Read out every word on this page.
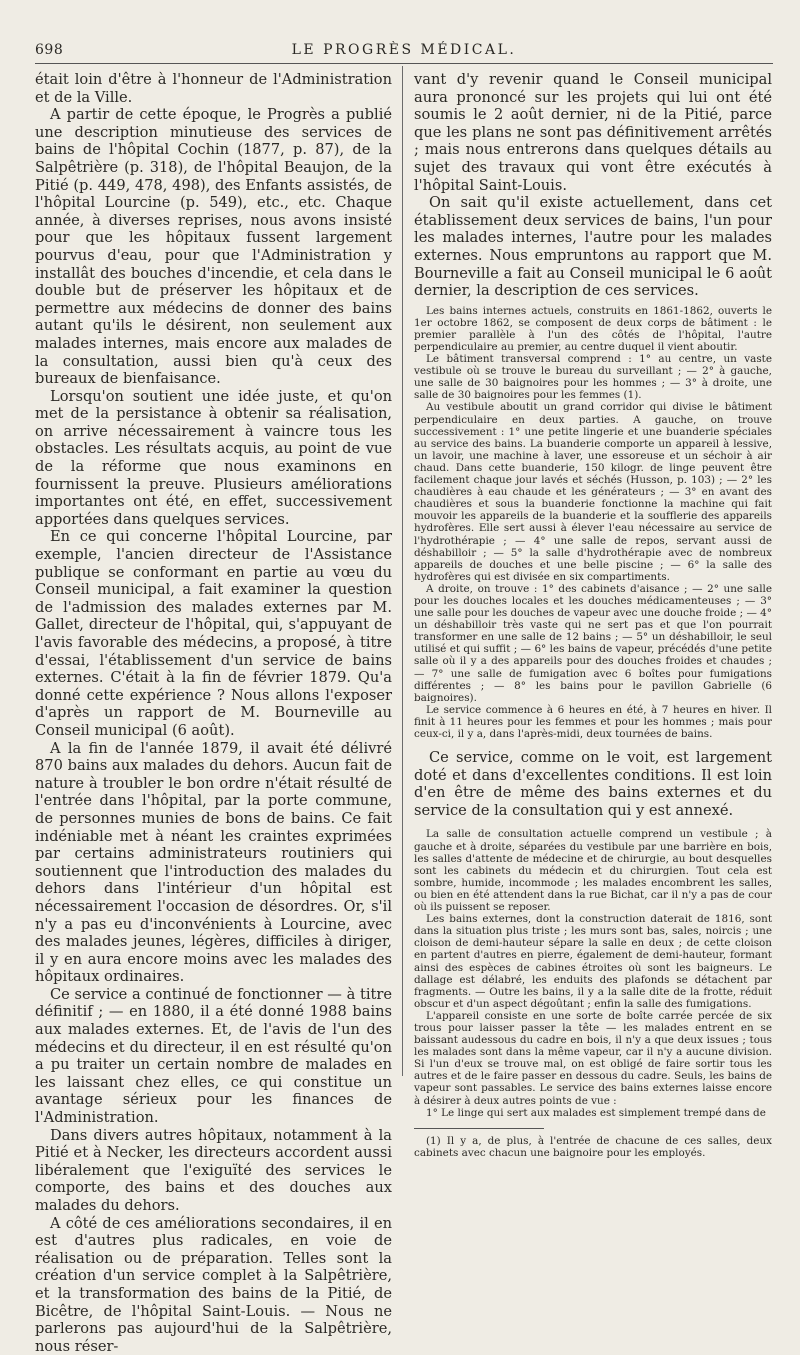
698	LE PROGRÈS MÉDICAL.

était loin d'être à l'honneur de l'Administration et de la Ville.

A partir de cette époque, le Progrès a publié une description minutieuse des services de bains de l'hôpital Cochin (1877, p. 87), de la Salpêtrière (p. 318), de l'hôpital Beaujon, de la Pitié (p. 449, 478, 498), des Enfants assistés, de l'hôpital Lourcine (p. 549), etc., etc. Chaque année, à diverses reprises, nous avons insisté pour que les hôpitaux fussent largement pourvus d'eau, pour que l'Administration y installât des bouches d'incendie, et cela dans le double but de préserver les hôpitaux et de permettre aux médecins de donner des bains autant qu'ils le désirent, non seulement aux malades internes, mais encore aux malades de la consultation, aussi bien qu'à ceux des bureaux de bienfaisance.

Lorsqu'on soutient une idée juste, et qu'on met de la persistance à obtenir sa réalisation, on arrive nécessairement à vaincre tous les obstacles. Les résultats acquis, au point de vue de la réforme que nous examinons en fournissent la preuve. Plusieurs améliorations importantes ont été, en effet, successivement apportées dans quelques services.

En ce qui concerne l'hôpital Lourcine, par exemple, l'ancien directeur de l'Assistance publique se conformant en partie au vœu du Conseil municipal, a fait examiner la question de l'admission des malades externes par M. Gallet, directeur de l'hôpital, qui, s'appuyant de l'avis favorable des médecins, a proposé, à titre d'essai, l'établissement d'un service de bains externes. C'était à la fin de février 1879. Qu'a donné cette expérience ? Nous allons l'exposer d'après un rapport de M. Bourneville au Conseil municipal (6 août).

A la fin de l'année 1879, il avait été délivré 870 bains aux malades du dehors. Aucun fait de nature à troubler le bon ordre n'était résulté de l'entrée dans l'hôpital, par la porte commune, de personnes munies de bons de bains. Ce fait indéniable met à néant les craintes exprimées par certains administrateurs routiniers qui soutiennent que l'introduction des malades du dehors dans l'intérieur d'un hôpital est nécessairement l'occasion de désordres. Or, s'il n'y a pas eu d'inconvénients à Lourcine, avec des malades jeunes, légères, difficiles à diriger, il y en aura encore moins avec les malades des hôpitaux ordinaires.

Ce service a continué de fonctionner — à titre définitif ; — en 1880, il a été donné 1988 bains aux malades externes. Et, de l'avis de l'un des médecins et du directeur, il en est résulté qu'on a pu traiter un certain nombre de malades en les laissant chez elles, ce qui constitue un avantage sérieux pour les finances de l'Administration.

Dans divers autres hôpitaux, notamment à la Pitié et à Necker, les directeurs accordent aussi libéralement que l'exiguïté des services le comporte, des bains et des douches aux malades du dehors.

A côté de ces améliorations secondaires, il en est d'autres plus radicales, en voie de réalisation ou de préparation. Telles sont la création d'un service complet à la Salpêtrière, et la transformation des bains de la Pitié, de Bicêtre, de l'hôpital Saint-Louis. — Nous ne parlerons pas aujourd'hui de la Salpêtrière, nous réser-

vant d'y revenir quand le Conseil municipal aura prononcé sur les projets qui lui ont été soumis le 2 août dernier, ni de la Pitié, parce que les plans ne sont pas définitivement arrêtés ; mais nous entrerons dans quelques détails au sujet des travaux qui vont être exécutés à l'hôpital Saint-Louis.

On sait qu'il existe actuellement, dans cet établissement deux services de bains, l'un pour les malades internes, l'autre pour les malades externes. Nous empruntons au rapport que M. Bourneville a fait au Conseil municipal le 6 août dernier, la description de ces services.

Les bains internes actuels, construits en 1861-1862, ouverts le 1er octobre 1862, se composent de deux corps de bâtiment : le premier parallèle à l'un des côtés de l'hôpital, l'autre perpendiculaire au premier, au centre duquel il vient aboutir.

Le bâtiment transversal comprend : 1° au centre, un vaste vestibule où se trouve le bureau du surveillant ; — 2° à gauche, une salle de 30 baignoires pour les hommes ; — 3° à droite, une salle de 30 baignoires pour les femmes (1).

Au vestibule aboutit un grand corridor qui divise le bâtiment perpendiculaire en deux parties. A gauche, on trouve successivement : 1° une petite lingerie et une buanderie spéciales au service des bains. La buanderie comporte un appareil à lessive, un lavoir, une machine à laver, une essoreuse et un séchoir à air chaud. Dans cette buanderie, 150 kilogr. de linge peuvent être facilement chaque jour lavés et séchés (Husson, p. 103) ; — 2° les chaudières à eau chaude et les générateurs ; — 3° en avant des chaudières et sous la buanderie fonctionne la machine qui fait mouvoir les appareils de la buanderie et la soufflerie des appareils hydrofères. Elle sert aussi à élever l'eau nécessaire au service de l'hydrothérapie ; — 4° une salle de repos, servant aussi de déshabilloir ; — 5° la salle d'hydrothérapie avec de nombreux appareils de douches et une belle piscine ; — 6° la salle des hydrofères qui est divisée en six compartiments.

A droite, on trouve : 1° des cabinets d'aisance ; — 2° une salle pour les douches locales et les douches médicamenteuses ; — 3° une salle pour les douches de vapeur avec une douche froide ; — 4° un déshabilloir très vaste qui ne sert pas et que l'on pourrait transformer en une salle de 12 bains ; — 5° un déshabilloir, le seul utilisé et qui suffit ; — 6° les bains de vapeur, précédés d'une petite salle où il y a des appareils pour des douches froides et chaudes ; — 7° une salle de fumigation avec 6 boîtes pour fumigations différentes ; — 8° les bains pour le pavillon Gabrielle (6 baignoires).

Le service commence à 6 heures en été, à 7 heures en hiver. Il finit à 11 heures pour les femmes et pour les hommes ; mais pour ceux-ci, il y a, dans l'après-midi, deux tournées de bains.

Ce service, comme on le voit, est largement doté et dans d'excellentes conditions. Il est loin d'en être de même des bains externes et du service de la consultation qui y est annexé.

La salle de consultation actuelle comprend un vestibule ; à gauche et à droite, séparées du vestibule par une barrière en bois, les salles d'attente de médecine et de chirurgie, au bout desquelles sont les cabinets du médecin et du chirurgien. Tout cela est sombre, humide, incommode ; les malades encombrent les salles, ou bien en été attendent dans la rue Bichat, car il n'y a pas de cour où ils puissent se reposer.

Les bains externes, dont la construction daterait de 1816, sont dans la situation plus triste ; les murs sont bas, sales, noircis ; une cloison de demi-hauteur sépare la salle en deux ; de cette cloison en partent d'autres en pierre, également de demi-hauteur, formant ainsi des espèces de cabines étroites où sont les baigneurs. Le dallage est délabré, les enduits des plafonds se détachent par fragments. — Outre les bains, il y a la salle dite de la frotte, réduit obscur et d'un aspect dégoûtant ; enfin la salle des fumigations.

L'appareil consiste en une sorte de boîte carrée percée de six trous pour laisser passer la tête — les malades entrent en se baissant audessous du cadre en bois, il n'y a que deux issues ; tous les malades sont dans la même vapeur, car il n'y a aucune division. Si l'un d'eux se trouve mal, on est obligé de faire sortir tous les autres et de le faire passer en dessous du cadre. Seuls, les bains de vapeur sont passables. Le service des bains externes laisse encore à désirer à deux autres points de vue :

1° Le linge qui sert aux malades est simplement trempé dans de

(1) Il y a, de plus, à l'entrée de chacune de ces salles, deux cabinets avec chacun une baignoire pour les employés.
